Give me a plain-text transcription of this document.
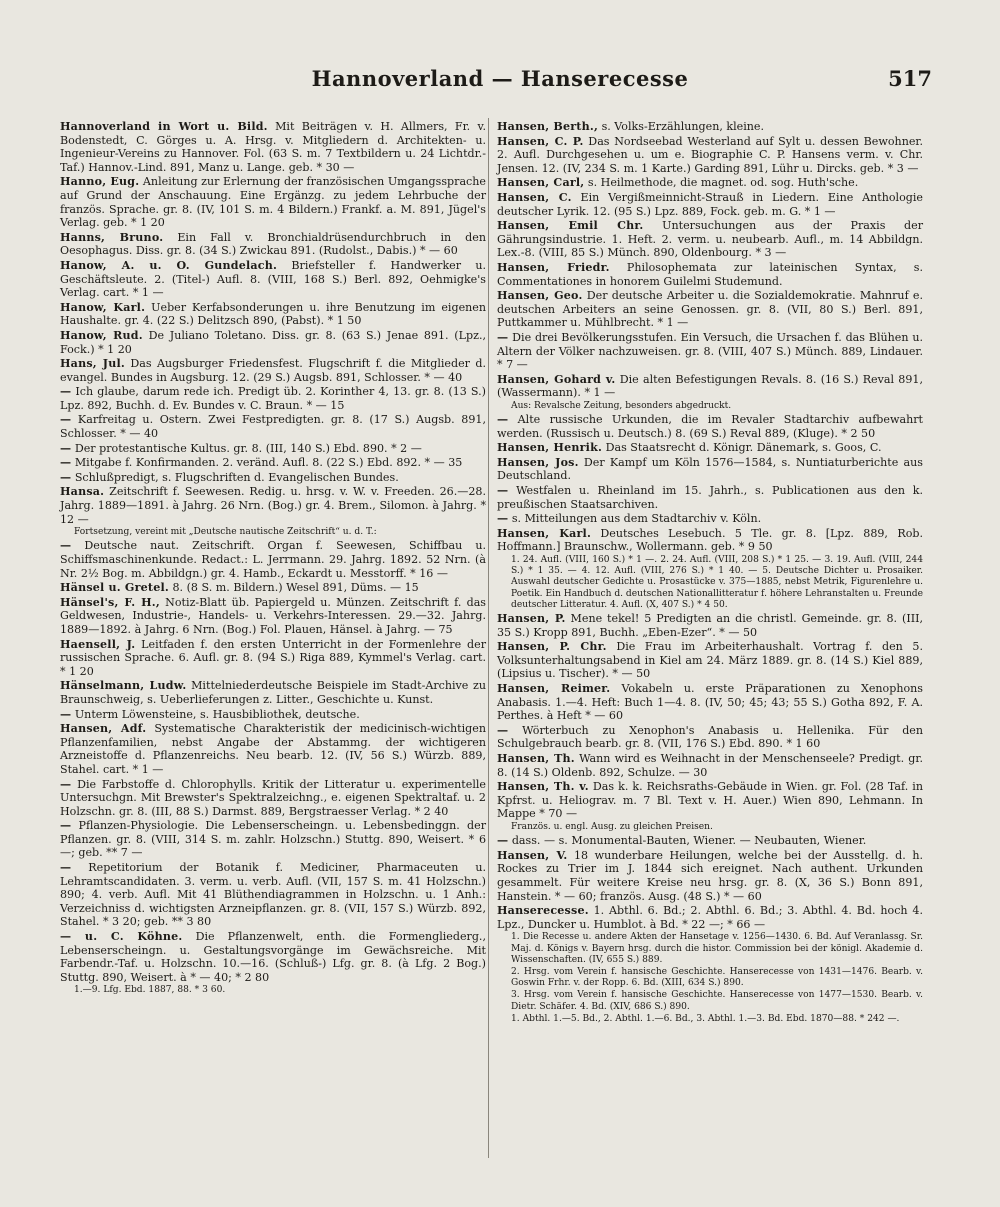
Hannoverland — Hanserecesse	517
Hannoverland in Wort u. Bild. Mit Beiträgen v. H. Allmers, Fr. v. Bodenstedt, C. Görges u. A. Hrsg. v. Mitgliedern d. Architekten- u. Ingenieur-Vereins zu Hannover. Fol. (63 S. m. 7 Textbildern u. 24 Lichtdr.-Taf.) Hannov.-Lind. 891, Manz u. Lange. geb. * 30 —
Hanno, Eug. Anleitung zur Erlernung der französischen Umgangssprache auf Grund der Anschauung. Eine Ergänzg. zu jedem Lehrbuche der französ. Sprache. gr. 8. (IV, 101 S. m. 4 Bildern.) Frankf. a. M. 891, Jügel's Verlag. geb. * 1 20
Hanns, Bruno. Ein Fall v. Bronchialdrüsendurchbruch in den Oesophagus. Diss. gr. 8. (34 S.) Zwickau 891. (Rudolst., Dabis.) * — 60
Hanow, A. u. O. Gundelach. Briefsteller f. Handwerker u. Geschäftsleute. 2. (Titel-) Aufl. 8. (VIII, 168 S.) Berl. 892, Oehmigke's Verlag. cart. * 1 —
Hanow, Karl. Ueber Kerfabsonderungen u. ihre Benutzung im eigenen Haushalte. gr. 4. (22 S.) Delitzsch 890, (Pabst). * 1 50
Hanow, Rud. De Juliano Toletano. Diss. gr. 8. (63 S.) Jenae 891. (Lpz., Fock.) * 1 20
Hans, Jul. Das Augsburger Friedensfest. Flugschrift f. die Mitglieder d. evangel. Bundes in Augsburg. 12. (29 S.) Augsb. 891, Schlosser. * — 40
— Ich glaube, darum rede ich. Predigt üb. 2. Korinther 4, 13. gr. 8. (13 S.) Lpz. 892, Buchh. d. Ev. Bundes v. C. Braun. * — 15
— Karfreitag u. Ostern. Zwei Festpredigten. gr. 8. (17 S.) Augsb. 891, Schlosser. * — 40
— Der protestantische Kultus. gr. 8. (III, 140 S.) Ebd. 890. * 2 —
— Mitgabe f. Konfirmanden. 2. veränd. Aufl. 8. (22 S.) Ebd. 892. * — 35
— Schlußpredigt, s. Flugschriften d. Evangelischen Bundes.
Hansa. Zeitschrift f. Seewesen. Redig. u. hrsg. v. W. v. Freeden. 26.—28. Jahrg. 1889—1891. à Jahrg. 26 Nrn. (Bog.) gr. 4. Brem., Silomon. à Jahrg. * 12 —
Fortsetzung, vereint mit „Deutsche nautische Zeitschrift“ u. d. T.:
— Deutsche naut. Zeitschrift. Organ f. Seewesen, Schiffbau u. Schiffsmaschinenkunde. Redact.: L. Jerrmann. 29. Jahrg. 1892. 52 Nrn. (à Nr. 2½ Bog. m. Abbildgn.) gr. 4. Hamb., Eckardt u. Messtorff. * 16 —
Hänsel u. Gretel. 8. (8 S. m. Bildern.) Wesel 891, Düms. — 15
Hänsel's, F. H., Notiz-Blatt üb. Papiergeld u. Münzen. Zeitschrift f. das Geldwesen, Industrie-, Handels- u. Verkehrs-Interessen. 29.—32. Jahrg. 1889—1892. à Jahrg. 6 Nrn. (Bog.) Fol. Plauen, Hänsel. à Jahrg. — 75
Haensell, J. Leitfaden f. den ersten Unterricht in der Formenlehre der russischen Sprache. 6. Aufl. gr. 8. (94 S.) Riga 889, Kymmel's Verlag. cart. * 1 20
Hänselmann, Ludw. Mittelniederdeutsche Beispiele im Stadt-Archive zu Braunschweig, s. Ueberlieferungen z. Litter., Geschichte u. Kunst.
— Unterm Löwensteine, s. Hausbibliothek, deutsche.
Hansen, Adf. Systematische Charakteristik der medicinisch-wichtigen Pflanzenfamilien, nebst Angabe der Abstammg. der wichtigeren Arzneistoffe d. Pflanzenreichs. Neu bearb. 12. (IV, 56 S.) Würzb. 889, Stahel. cart. * 1 —
— Die Farbstoffe d. Chlorophylls. Kritik der Litteratur u. experimentelle Untersuchgn. Mit Brewster's Spektralzeichng., e. eigenen Spektraltaf. u. 2 Holzschn. gr. 8. (III, 88 S.) Darmst. 889, Bergstraesser Verlag. * 2 40
— Pflanzen-Physiologie. Die Lebenserscheingn. u. Lebensbedinggn. der Pflanzen. gr. 8. (VIII, 314 S. m. zahlr. Holzschn.) Stuttg. 890, Weisert. * 6 —; geb. ** 7 —
— Repetitorium der Botanik f. Mediciner, Pharmaceuten u. Lehramtscandidaten. 3. verm. u. verb. Aufl. (VII, 157 S. m. 41 Holzschn.) 890; 4. verb. Aufl. Mit 41 Blüthendiagrammen in Holzschn. u. 1 Anh.: Verzeichniss d. wichtigsten Arzneipflanzen. gr. 8. (VII, 157 S.) Würzb. 892, Stahel. * 3 20; geb. ** 3 80
— u. C. Köhne. Die Pflanzenwelt, enth. die Formengliederg., Lebenserscheingn. u. Gestaltungsvorgänge im Gewächsreiche. Mit Farbendr.-Taf. u. Holzschn. 10.—16. (Schluß-) Lfg. gr. 8. (à Lfg. 2 Bog.) Stuttg. 890, Weisert. à * — 40; * 2 80
1.—9. Lfg. Ebd. 1887, 88. * 3 60.
Hansen, Berth., s. Volks-Erzählungen, kleine.
Hansen, C. P. Das Nordseebad Westerland auf Sylt u. dessen Bewohner. 2. Aufl. Durchgesehen u. um e. Biographie C. P. Hansens verm. v. Chr. Jensen. 12. (IV, 234 S. m. 1 Karte.) Garding 891, Lühr u. Dircks. geb. * 3 —
Hansen, Carl, s. Heilmethode, die magnet. od. sog. Huth'sche.
Hansen, C. Ein Vergißmeinnicht-Strauß in Liedern. Eine Anthologie deutscher Lyrik. 12. (95 S.) Lpz. 889, Fock. geb. m. G. * 1 —
Hansen, Emil Chr. Untersuchungen aus der Praxis der Gährungsindustrie. 1. Heft. 2. verm. u. neubearb. Aufl., m. 14 Abbildgn. Lex.-8. (VIII, 85 S.) Münch. 890, Oldenbourg. * 3 —
Hansen, Friedr. Philosophemata zur lateinischen Syntax, s. Commentationes in honorem Guilelmi Studemund.
Hansen, Geo. Der deutsche Arbeiter u. die Sozialdemokratie. Mahnruf e. deutschen Arbeiters an seine Genossen. gr. 8. (VII, 80 S.) Berl. 891, Puttkammer u. Mühlbrecht. * 1 —
— Die drei Bevölkerungsstufen. Ein Versuch, die Ursachen f. das Blühen u. Altern der Völker nachzuweisen. gr. 8. (VIII, 407 S.) Münch. 889, Lindauer. * 7 —
Hansen, Gohard v. Die alten Befestigungen Revals. 8. (16 S.) Reval 891, (Wassermann). * 1 —
Aus: Revalsche Zeitung, besonders abgedruckt.
— Alte russische Urkunden, die im Revaler Stadtarchiv aufbewahrt werden. (Russisch u. Deutsch.) 8. (69 S.) Reval 889, (Kluge). * 2 50
Hansen, Henrik. Das Staatsrecht d. Königr. Dänemark, s. Goos, C.
Hansen, Jos. Der Kampf um Köln 1576—1584, s. Nuntiaturberichte aus Deutschland.
— Westfalen u. Rheinland im 15. Jahrh., s. Publicationen aus den k. preußischen Staatsarchiven.
— s. Mitteilungen aus dem Stadtarchiv v. Köln.
Hansen, Karl. Deutsches Lesebuch. 5 Tle. gr. 8. [Lpz. 889, Rob. Hoffmann.] Braunschw., Wollermann. geb. * 9 50
1. 24. Aufl. (VIII, 160 S.) * 1 —. 2. 24. Aufl. (VIII, 208 S.) * 1 25. — 3. 19. Aufl. (VIII, 244 S.) * 1 35. — 4. 12. Aufl. (VIII, 276 S.) * 1 40. — 5. Deutsche Dichter u. Prosaiker. Auswahl deutscher Gedichte u. Prosastücke v. 375—1885, nebst Metrik, Figurenlehre u. Poetik. Ein Handbuch d. deutschen Nationallitteratur f. höhere Lehranstalten u. Freunde deutscher Litteratur. 4. Aufl. (X, 407 S.) * 4 50.
Hansen, P. Mene tekel! 5 Predigten an die christl. Gemeinde. gr. 8. (III, 35 S.) Kropp 891, Buchh. „Eben-Ezer“. * — 50
Hansen, P. Chr. Die Frau im Arbeiterhaushalt. Vortrag f. den 5. Volksunterhaltungsabend in Kiel am 24. März 1889. gr. 8. (14 S.) Kiel 889, (Lipsius u. Tischer). * — 50
Hansen, Reimer. Vokabeln u. erste Präparationen zu Xenophons Anabasis. 1.—4. Heft: Buch 1—4. 8. (IV, 50; 45; 43; 55 S.) Gotha 892, F. A. Perthes. à Heft * — 60
— Wörterbuch zu Xenophon's Anabasis u. Hellenika. Für den Schulgebrauch bearb. gr. 8. (VII, 176 S.) Ebd. 890. * 1 60
Hansen, Th. Wann wird es Weihnacht in der Menschenseele? Predigt. gr. 8. (14 S.) Oldenb. 892, Schulze. — 30
Hansen, Th. v. Das k. k. Reichsraths-Gebäude in Wien. gr. Fol. (28 Taf. in Kpfrst. u. Heliograv. m. 7 Bl. Text v. H. Auer.) Wien 890, Lehmann. In Mappe * 70 —
Französ. u. engl. Ausg. zu gleichen Preisen.
— dass. — s. Monumental-Bauten, Wiener. — Neubauten, Wiener.
Hansen, V. 18 wunderbare Heilungen, welche bei der Ausstellg. d. h. Rockes zu Trier im J. 1844 sich ereignet. Nach authent. Urkunden gesammelt. Für weitere Kreise neu hrsg. gr. 8. (X, 36 S.) Bonn 891, Hanstein. * — 60; französ. Ausg. (48 S.) * — 60
Hanserecesse. 1. Abthl. 6. Bd.; 2. Abthl. 6. Bd.; 3. Abthl. 4. Bd. hoch 4. Lpz., Duncker u. Humblot. à Bd. * 22 —; * 66 —
1. Die Recesse u. andere Akten der Hansetage v. 1256—1430. 6. Bd. Auf Veranlassg. Sr. Maj. d. Königs v. Bayern hrsg. durch die histor. Commission bei der königl. Akademie d. Wissenschaften. (IV, 655 S.) 889.
2. Hrsg. vom Verein f. hansische Geschichte. Hanserecesse von 1431—1476. Bearb. v. Goswin Frhr. v. der Ropp. 6. Bd. (XIII, 634 S.) 890.
3. Hrsg. vom Verein f. hansische Geschichte. Hanserecesse von 1477—1530. Bearb. v. Dietr. Schäfer. 4. Bd. (XIV, 686 S.) 890.
1. Abthl. 1.—5. Bd., 2. Abthl. 1.—6. Bd., 3. Abthl. 1.—3. Bd. Ebd. 1870—88. * 242 —.
